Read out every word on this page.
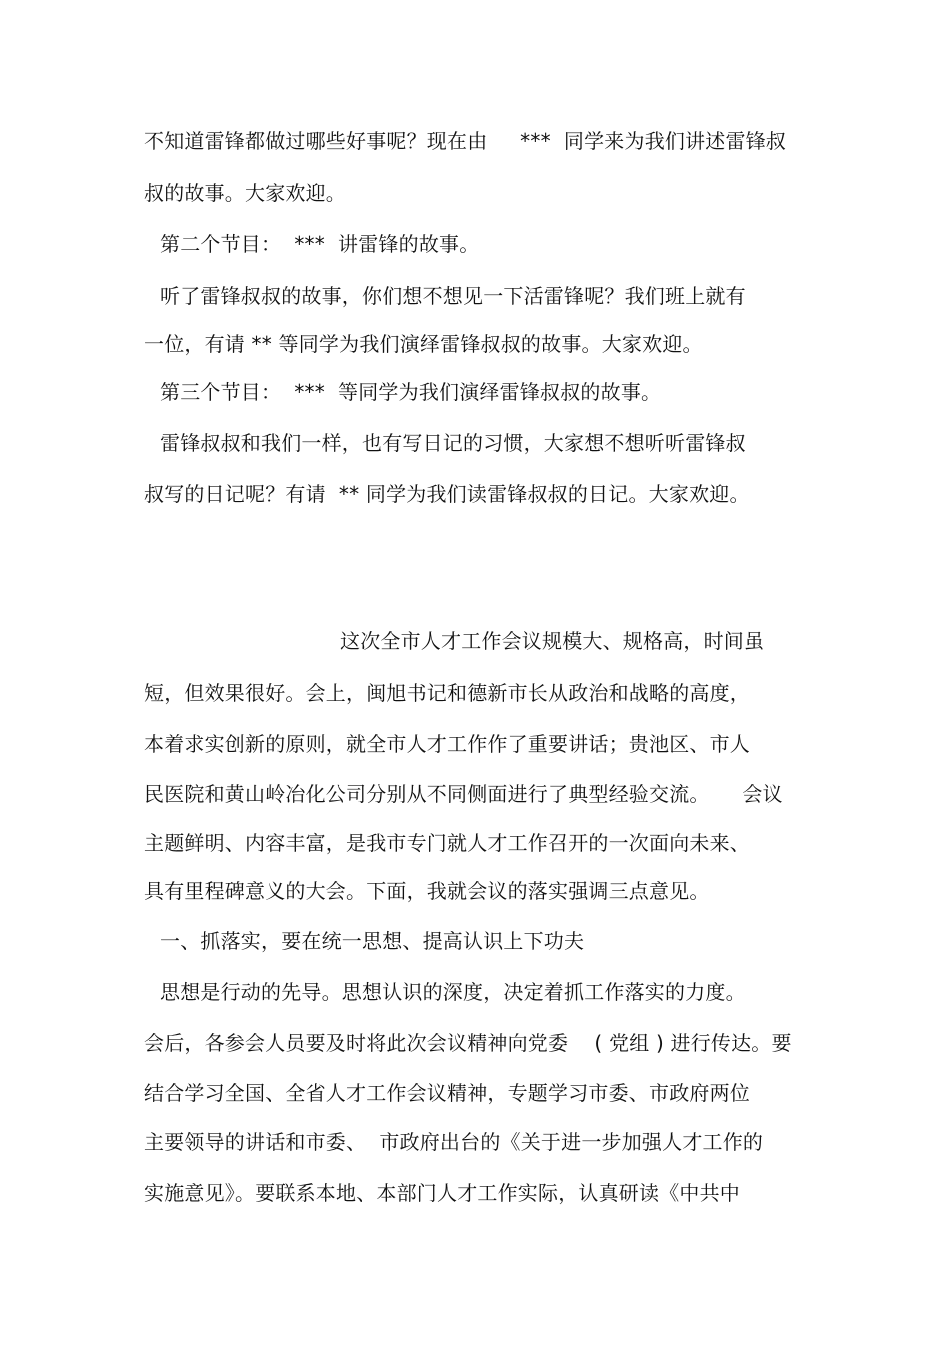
不知道雷锋都做过哪些好事呢？现在由     ***  同学来为我们讲述雷锋叔
叔的故事。大家欢迎。
第二个节目：  ***  讲雷锋的故事。
听了雷锋叔叔的故事，你们想不想见一下活雷锋呢？我们班上就有
一位，有请 ** 等同学为我们演绎雷锋叔叔的故事。大家欢迎。
第三个节目：  ***  等同学为我们演绎雷锋叔叔的故事。
雷锋叔叔和我们一样，也有写日记的习惯，大家想不想听听雷锋叔
叔写的日记呢？有请  ** 同学为我们读雷锋叔叔的日记。大家欢迎。
这次全市人才工作会议规模大、规格高，时间虽
短，但效果很好。会上，闽旭书记和德新市长从政治和战略的高度，
本着求实创新的原则，就全市人才工作作了重要讲话；贵池区、市人
民医院和黄山岭冶化公司分别从不同侧面进行了典型经验交流。     会议
主题鲜明、内容丰富，是我市专门就人才工作召开的一次面向未来、
具有里程碑意义的大会。下面，我就会议的落实强调三点意见。
一、抓落实，要在统一思想、提高认识上下功夫
思想是行动的先导。思想认识的深度，决定着抓工作落实的力度。
会后，各参会人员要及时将此次会议精神向党委    ( 党组 ) 进行传达。要
结合学习全国、全省人才工作会议精神，专题学习市委、市政府两位
主要领导的讲话和市委、  市政府出台的《关于进一步加强人才工作的
实施意见》。要联系本地、本部门人才工作实际，认真研读《中共中
